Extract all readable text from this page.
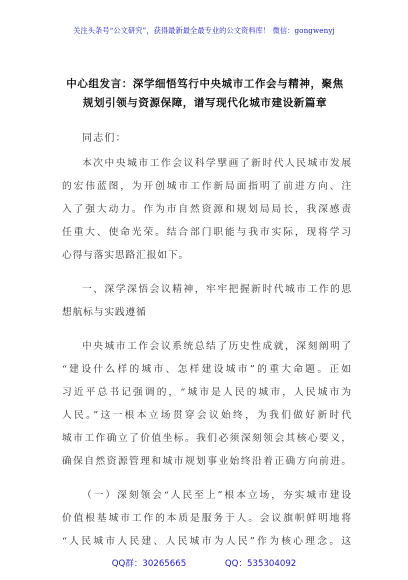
关注头条号“公文研究”，获得最新最全最专业的公文资料库！ 微信：gongwenyj
中心组发言：深学细悟笃行中央城市工作会与精神，聚焦
规划引领与资源保障，谱写现代化城市建设新篇章
同志们：
本次中央城市工作会议科学擘画了新时代人民城市发展
的宏伟蓝图，为开创城市工作新局面指明了前进方向、注
入了强大动力。作为市自然资源和规划局局长，我深感责
任重大、使命光荣。结合部门职能与我市实际，现将学习
心得与落实思路汇报如下。
一、深学深悟会议精神，牢牢把握新时代城市工作的思
想航标与实践遵循
中央城市工作会议系统总结了历史性成就，深刻阐明了
“建设什么样的城市、怎样建设城市”的重大命题。正如
习近平总书记强调的，“城市是人民的城市，人民城市为
人民。”这一根本立场贯穿会议始终，为我们做好新时代
城市工作确立了价值坐标。我们必须深刻领会其核心要义，
确保自然资源管理和城市规划事业始终沿着正确方向前进。
（一）深刻领会“人民至上”根本立场，夯实城市建设
价值根基城市工作的本质是服务于人。会议旗帜鲜明地将
“人民城市人民建、人民城市为人民”作为核心理念。这
QQ群：30265665	QQ：535304092
